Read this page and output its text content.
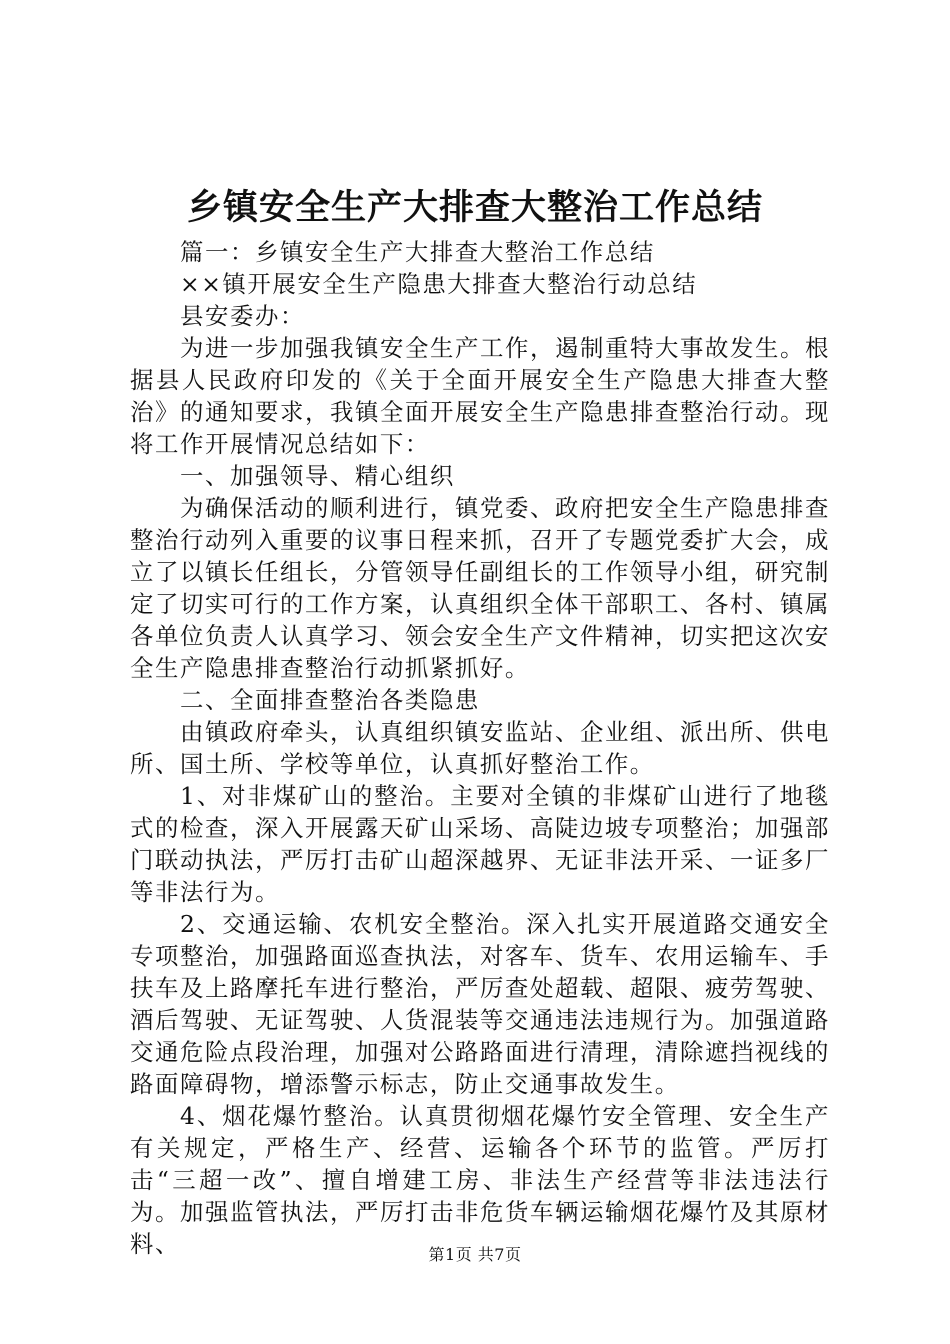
乡镇安全生产大排查大整治工作总结

篇一：乡镇安全生产大排查大整治工作总结

××镇开展安全生产隐患大排查大整治行动总结

县安委办：

为进一步加强我镇安全生产工作，遏制重特大事故发生。根据县人民政府印发的《关于全面开展安全生产隐患大排查大整治》的通知要求，我镇全面开展安全生产隐患排查整治行动。现将工作开展情况总结如下：

一、加强领导、精心组织

为确保活动的顺利进行，镇党委、政府把安全生产隐患排查整治行动列入重要的议事日程来抓，召开了专题党委扩大会，成立了以镇长任组长，分管领导任副组长的工作领导小组，研究制定了切实可行的工作方案，认真组织全体干部职工、各村、镇属各单位负责人认真学习、领会安全生产文件精神，切实把这次安全生产隐患排查整治行动抓紧抓好。

二、全面排查整治各类隐患

由镇政府牵头，认真组织镇安监站、企业组、派出所、供电所、国土所、学校等单位，认真抓好整治工作。

1、对非煤矿山的整治。主要对全镇的非煤矿山进行了地毯式的检查，深入开展露天矿山采场、高陡边坡专项整治；加强部门联动执法，严厉打击矿山超深越界、无证非法开采、一证多厂等非法行为。

2、交通运输、农机安全整治。深入扎实开展道路交通安全专项整治，加强路面巡查执法，对客车、货车、农用运输车、手扶车及上路摩托车进行整治，严厉查处超载、超限、疲劳驾驶、酒后驾驶、无证驾驶、人货混装等交通违法违规行为。加强道路交通危险点段治理，加强对公路路面进行清理，清除遮挡视线的路面障碍物，增添警示标志，防止交通事故发生。

4、烟花爆竹整治。认真贯彻烟花爆竹安全管理、安全生产有关规定，严格生产、经营、运输各个环节的监管。严厉打击“三超一改”、擅自增建工房、非法生产经营等非法违法行为。加强监管执法，严厉打击非危货车辆运输烟花爆竹及其原材料、	第1页 共7页
